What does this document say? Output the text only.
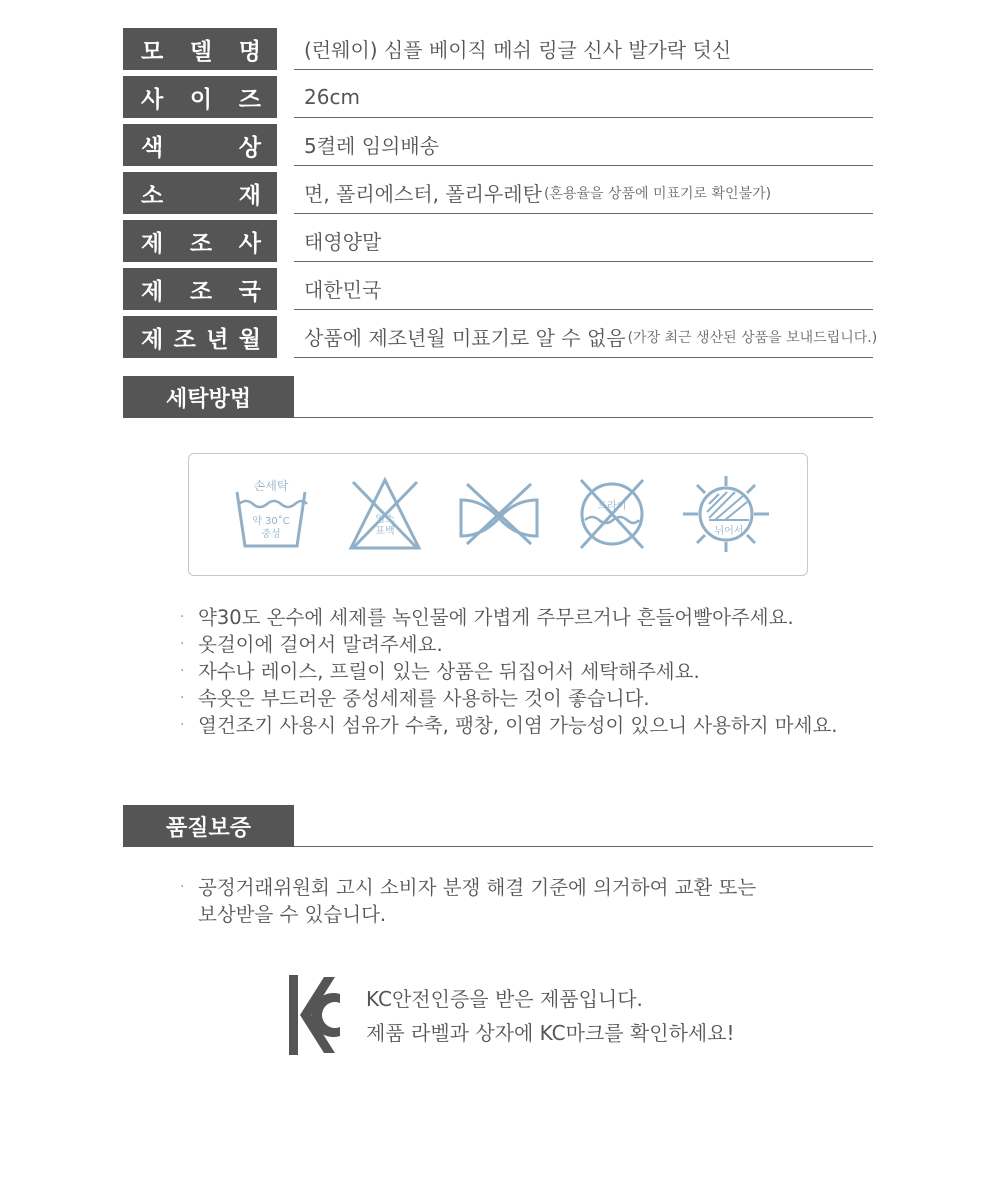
모 델 명 (런웨이) 심플 베이직 메쉬 링글 신사 발가락 덧신
사 이 즈 26cm
색	상 5켤레 임의배송
소	재 면, 폴리에스터, 폴리우레탄 (혼용율을 상품에 미표기로 확인불가)
제 조 사 태영양말
제 조 국 대한민국
제 조 년 월 상품에 제조년월 미표기로 알 수 없음 (가장 최근 생산된 상품을 보내드립니다.)
세탁방법
손세탁
약 30˚C
중성
염소
표백
드라이
뉘어서
· 약30도 온수에 세제를 녹인물에 가볍게 주무르거나 흔들어빨아주세요.
· 옷걸이에 걸어서 말려주세요.
· 자수나 레이스, 프릴이 있는 상품은 뒤집어서 세탁해주세요.
· 속옷은 부드러운 중성세제를 사용하는 것이 좋습니다.
· 열건조기 사용시 섬유가 수축, 팽창, 이염 가능성이 있으니 사용하지 마세요.
품질보증
· 공정거래위원회 고시 소비자 분쟁 해결 기준에 의거하여 교환 또는
보상받을 수 있습니다.
KC안전인증을 받은 제품입니다.
제품 라벨과 상자에 KC마크를 확인하세요!
